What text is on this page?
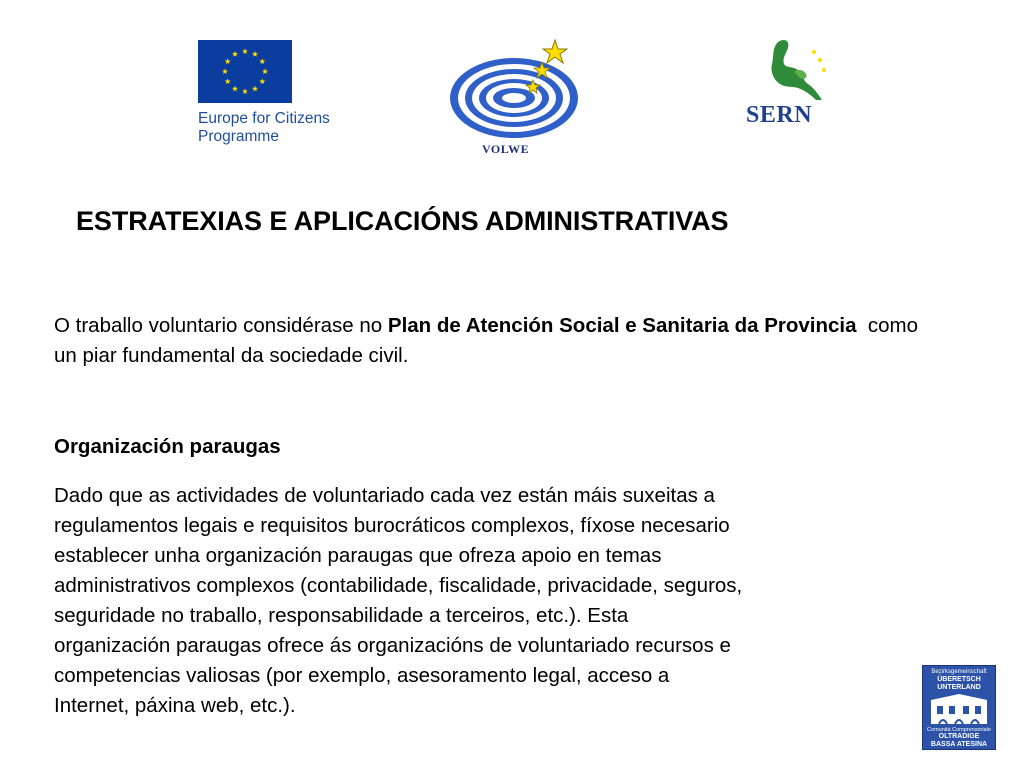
Europe for Citizens
Programme
VOLWE
SERN
ESTRATEXIAS E APLICACIÓNS ADMINISTRATIVAS

O traballo voluntario considérase no Plan de Atención Social e Sanitaria da Provincia  como un piar fundamental da sociedade civil.

Organización paraugas

Dado que as actividades de voluntariado cada vez están máis suxeitas a
regulamentos legais e requisitos burocráticos complexos, fíxose necesario
establecer unha organización paraugas que ofreza apoio en temas
administrativos complexos (contabilidade, fiscalidade, privacidade, seguros,
seguridade no traballo, responsabilidade a terceiros, etc.). Esta
organización paraugas ofrece ás organizacións de voluntariado recursos e
competencias valiosas (por exemplo, asesoramento legal, acceso a
Internet, páxina web, etc.).

Bezirksgemeinschaft
ÜBERETSCH
UNTERLAND
Comunità Comprensoriale
OLTRADIGE
BASSA ATESINA
